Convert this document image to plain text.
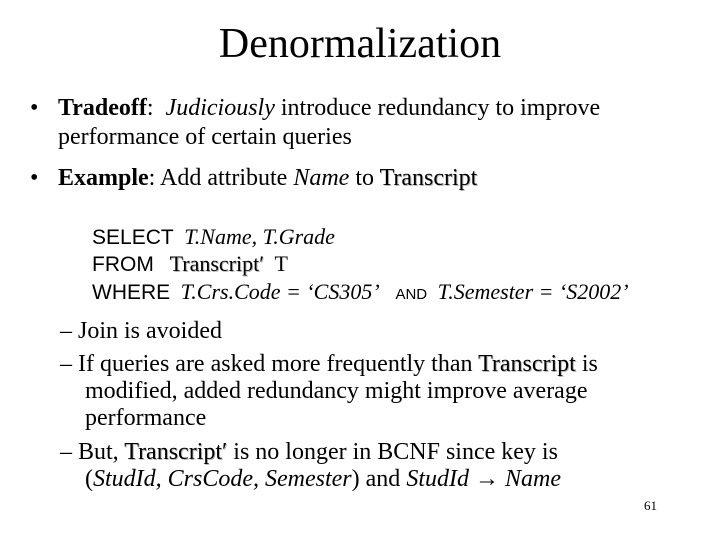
Denormalization
• Tradeoff: Judiciously introduce redundancy to improve
performance of certain queries
• Example: Add attribute Name to Transcript
SELECT T.Name, T.Grade
FROM Transcript′ T
WHERE T.Crs.Code = ‘CS305’ AND T.Semester = ‘S2002’
– Join is avoided
– If queries are asked more frequently than Transcript is
modified, added redundancy might improve average
performance
– But, Transcript′ is no longer in BCNF since key is
(StudId, CrsCode, Semester) and StudId → Name
61
